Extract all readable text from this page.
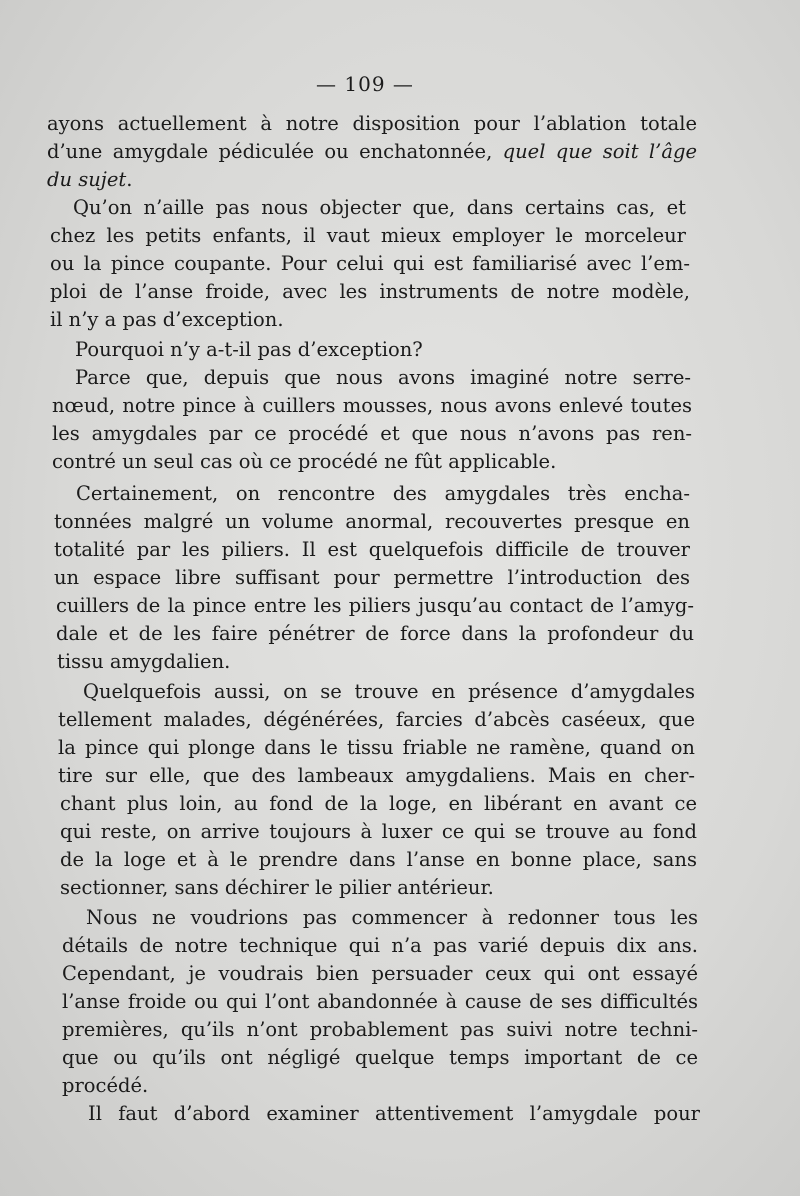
— 109 —
ayons actuellement à notre disposition pour l’ablation totale
d’une amygdale pédiculée ou enchatonnée, quel que soit l’âge
du sujet.
Qu’on n’aille pas nous objecter que, dans certains cas, et
chez les petits enfants, il vaut mieux employer le morceleur
ou la pince coupante. Pour celui qui est familiarisé avec l’em-
ploi de l’anse froide, avec les instruments de notre modèle,
il n’y a pas d’exception.
Pourquoi n’y a-t-il pas d’exception?
Parce que, depuis que nous avons imaginé notre serre-
nœud, notre pince à cuillers mousses, nous avons enlevé toutes
les amygdales par ce procédé et que nous n’avons pas ren-
contré un seul cas où ce procédé ne fût applicable.
Certainement, on rencontre des amygdales très encha-
tonnées malgré un volume anormal, recouvertes presque en
totalité par les piliers. Il est quelquefois difficile de trouver
un espace libre suffisant pour permettre l’introduction des
cuillers de la pince entre les piliers jusqu’au contact de l’amyg-
dale et de les faire pénétrer de force dans la profondeur du
tissu amygdalien.
Quelquefois aussi, on se trouve en présence d’amygdales
tellement malades, dégénérées, farcies d’abcès caséeux, que
la pince qui plonge dans le tissu friable ne ramène, quand on
tire sur elle, que des lambeaux amygdaliens. Mais en cher-
chant plus loin, au fond de la loge, en libérant en avant ce
qui reste, on arrive toujours à luxer ce qui se trouve au fond
de la loge et à le prendre dans l’anse en bonne place, sans
sectionner, sans déchirer le pilier antérieur.
Nous ne voudrions pas commencer à redonner tous les
détails de notre technique qui n’a pas varié depuis dix ans.
Cependant, je voudrais bien persuader ceux qui ont essayé
l’anse froide ou qui l’ont abandonnée à cause de ses difficultés
premières, qu’ils n’ont probablement pas suivi notre techni-
que ou qu’ils ont négligé quelque temps important de ce
procédé.
Il faut d’abord examiner attentivement l’amygdale pour
